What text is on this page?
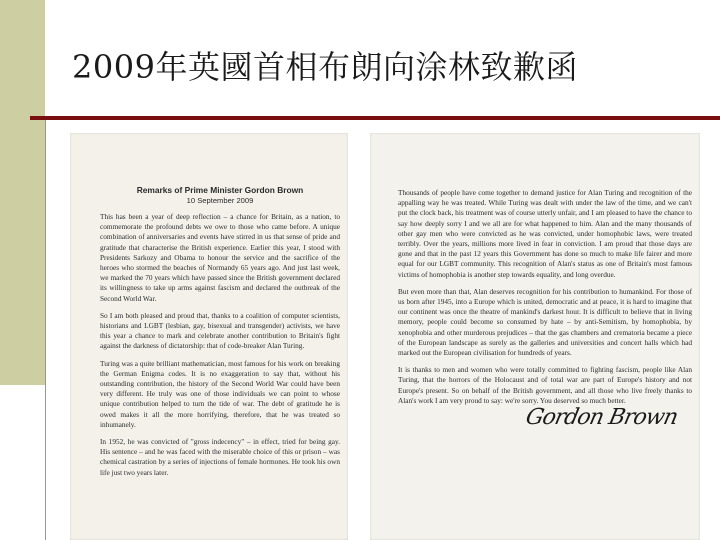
2009年英國首相布朗向涂林致歉函

Remarks of Prime Minister Gordon Brown

10 September 2009

This has been a year of deep reflection – a chance for Britain, as a nation, to commemorate the profound debts we owe to those who came before. A unique combination of anniversaries and events have stirred in us that sense of pride and gratitude that characterise the British experience. Earlier this year, I stood with Presidents Sarkozy and Obama to honour the service and the sacrifice of the heroes who stormed the beaches of Normandy 65 years ago. And just last week, we marked the 70 years which have passed since the British government declared its willingness to take up arms against fascism and declared the outbreak of the Second World War.

So I am both pleased and proud that, thanks to a coalition of computer scientists, historians and LGBT (lesbian, gay, bisexual and transgender) activists, we have this year a chance to mark and celebrate another contribution to Britain's fight against the darkness of dictatorship: that of code-breaker Alan Turing.

Turing was a quite brilliant mathematician, most famous for his work on breaking the German Enigma codes. It is no exaggeration to say that, without his outstanding contribution, the history of the Second World War could have been very different. He truly was one of those individuals we can point to whose unique contribution helped to turn the tide of war. The debt of gratitude he is owed makes it all the more horrifying, therefore, that he was treated so inhumanely.

In 1952, he was convicted of "gross indecency" – in effect, tried for being gay. His sentence – and he was faced with the miserable choice of this or prison – was chemical castration by a series of injections of female hormones. He took his own life just two years later.

Thousands of people have come together to demand justice for Alan Turing and recognition of the appalling way he was treated. While Turing was dealt with under the law of the time, and we can't put the clock back, his treatment was of course utterly unfair, and I am pleased to have the chance to say how deeply sorry I and we all are for what happened to him. Alan and the many thousands of other gay men who were convicted as he was convicted, under homophobic laws, were treated terribly. Over the years, millions more lived in fear in conviction. I am proud that those days are gone and that in the past 12 years this Government has done so much to make life fairer and more equal for our LGBT community. This recognition of Alan's status as one of Britain's most famous victims of homophobia is another step towards equality, and long overdue.

But even more than that, Alan deserves recognition for his contribution to humankind. For those of us born after 1945, into a Europe which is united, democratic and at peace, it is hard to imagine that our continent was once the theatre of mankind's darkest hour. It is difficult to believe that in living memory, people could become so consumed by hate – by anti-Semitism, by homophobia, by xenophobia and other murderous prejudices – that the gas chambers and crematoria became a piece of the European landscape as surely as the galleries and universities and concert halls which had marked out the European civilisation for hundreds of years.

It is thanks to men and women who were totally committed to fighting fascism, people like Alan Turing, that the horrors of the Holocaust and of total war are part of Europe's history and not Europe's present. So on behalf of the British government, and all those who live freely thanks to Alan's work I am very proud to say: we're sorry. You deserved so much better.

Gordon Brown
